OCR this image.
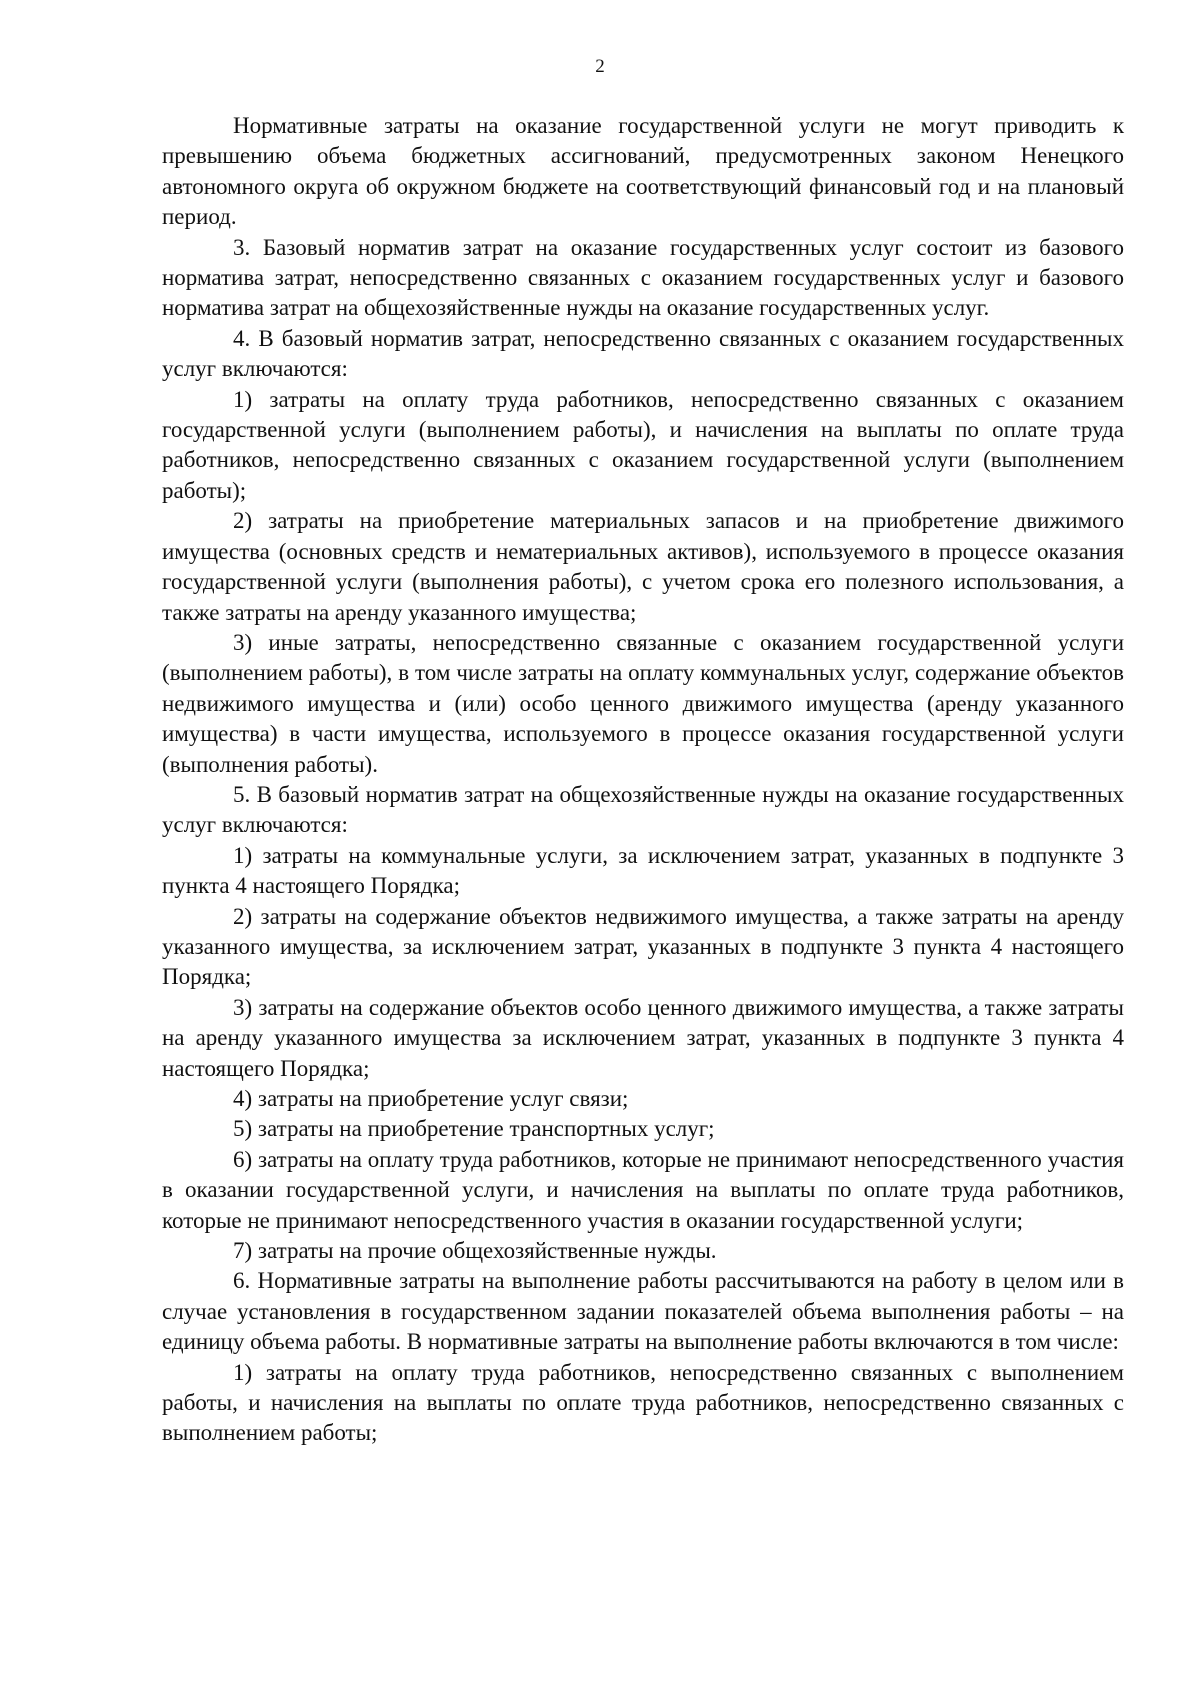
2

Нормативные затраты на оказание государственной услуги не могут приводить к превышению объема бюджетных ассигнований, предусмотренных законом Ненецкого автономного округа об окружном бюджете на соответствующий финансовый год и на плановый период.

3. Базовый норматив затрат на оказание государственных услуг состоит из базового норматива затрат, непосредственно связанных с оказанием государственных услуг и базового норматива затрат на общехозяйственные нужды на оказание государственных услуг.

4. В базовый норматив затрат, непосредственно связанных с оказанием государственных услуг включаются:

1) затраты на оплату труда работников, непосредственно связанных с оказанием государственной услуги (выполнением работы), и начисления на выплаты по оплате труда работников, непосредственно связанных с оказанием государственной услуги (выполнением работы);

2) затраты на приобретение материальных запасов и на приобретение движимого имущества (основных средств и нематериальных активов), используемого в процессе оказания государственной услуги (выполнения работы), с учетом срока его полезного использования, а также затраты на аренду указанного имущества;

3) иные затраты, непосредственно связанные с оказанием государственной услуги (выполнением работы), в том числе затраты на оплату коммунальных услуг, содержание объектов недвижимого имущества и (или) особо ценного движимого имущества (аренду указанного имущества) в части имущества, используемого в процессе оказания государственной услуги (выполнения работы).

5. В базовый норматив затрат на общехозяйственные нужды на оказание государственных услуг включаются:

1) затраты на коммунальные услуги, за исключением затрат, указанных в подпункте 3 пункта 4 настоящего Порядка;

2) затраты на содержание объектов недвижимого имущества, а также затраты на аренду указанного имущества, за исключением затрат, указанных в подпункте 3 пункта 4 настоящего Порядка;

3) затраты на содержание объектов особо ценного движимого имущества, а также затраты на аренду указанного имущества за исключением затрат, указанных в подпункте 3 пункта 4 настоящего Порядка;

4) затраты на приобретение услуг связи;

5) затраты на приобретение транспортных услуг;

6) затраты на оплату труда работников, которые не принимают непосредственного участия в оказании государственной услуги, и начисления на выплаты по оплате труда работников, которые не принимают непосредственного участия в оказании государственной услуги;

7) затраты на прочие общехозяйственные нужды.

6. Нормативные затраты на выполнение работы рассчитываются на работу в целом или в случае установления в государственном задании показателей объема выполнения работы – на единицу объема работы. В нормативные затраты на выполнение работы включаются в том числе:

1) затраты на оплату труда работников, непосредственно связанных с выполнением работы, и начисления на выплаты по оплате труда работников, непосредственно связанных с выполнением работы;
